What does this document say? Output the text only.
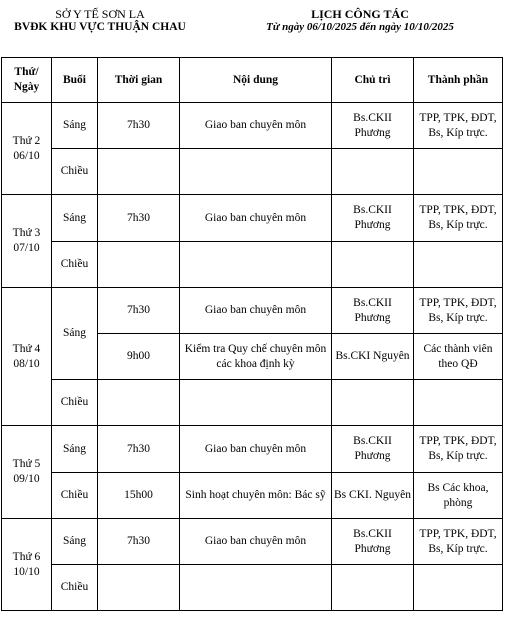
SỞ Y TẾ SƠN LA
BVĐK KHU VỰC THUẬN CHAU
LỊCH CÔNG TÁC
Từ ngày 06/10/2025 đến ngày 10/10/2025
Thứ/ Ngày	Buổi	Thời gian	Nội dung	Chủ trì	Thành phần
Thứ 2 06/10	Sáng	7h30	Giao ban chuyên môn	Bs.CKII Phương	TPP, TPK, ĐDT, Bs, Kíp trực.
	Chiều				
Thứ 3 07/10	Sáng	7h30	Giao ban chuyên môn	Bs.CKII Phương	TPP, TPK, ĐDT, Bs, Kíp trực.
	Chiều				
Thứ 4 08/10	Sáng	7h30	Giao ban chuyên môn	Bs.CKII Phương	TPP, TPK, ĐDT, Bs, Kíp trực.
		9h00	Kiểm tra Quy chế chuyên môn các khoa định kỳ	Bs.CKI Nguyên	Các thành viên theo QĐ
	Chiều				
Thứ 5 09/10	Sáng	7h30	Giao ban chuyên môn	Bs.CKII Phương	TPP, TPK, ĐDT, Bs, Kíp trực.
	Chiều	15h00	Sinh hoạt chuyên môn: Bác sỹ	Bs CKI. Nguyên	Bs Các khoa, phòng
Thứ 6 10/10	Sáng	7h30	Giao ban chuyên môn	Bs.CKII Phương	TPP, TPK, ĐDT, Bs, Kíp trực.
	Chiều				
